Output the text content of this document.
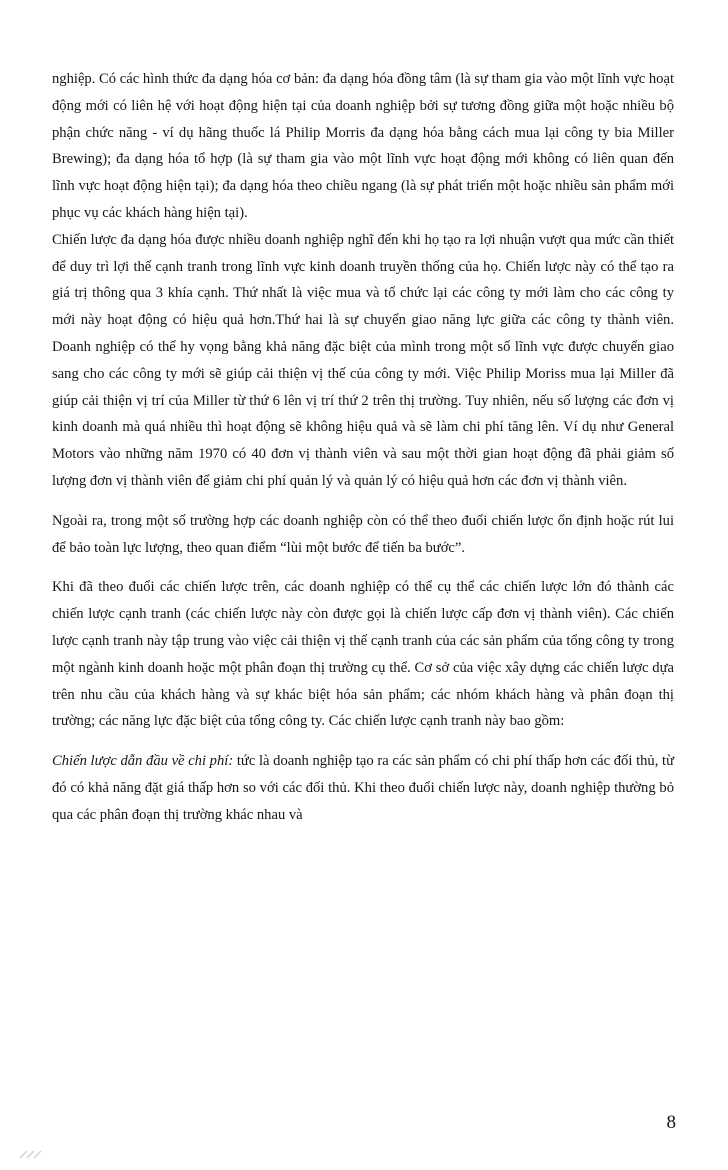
nghiệp. Có các hình thức đa dạng hóa cơ bản: đa dạng hóa đồng tâm (là sự tham gia vào một lĩnh vực hoạt động mới có liên hệ với hoạt động hiện tại của doanh nghiệp bởi sự tương đồng giữa một hoặc nhiều bộ phận chức năng - ví dụ hãng thuốc lá Philip Morris đa dạng hóa bằng cách mua lại công ty bia Miller Brewing); đa dạng hóa tổ hợp (là sự tham gia vào một lĩnh vực hoạt động mới không có liên quan đến lĩnh vực hoạt động hiện tại); đa dạng hóa theo chiều ngang (là sự phát triển một hoặc nhiều sản phẩm mới phục vụ các khách hàng hiện tại).

Chiến lược đa dạng hóa được nhiều doanh nghiệp nghĩ đến khi họ tạo ra lợi nhuận vượt qua mức cần thiết để duy trì lợi thế cạnh tranh trong lĩnh vực kinh doanh truyền thống của họ. Chiến lược này có thể tạo ra giá trị thông qua 3 khía cạnh. Thứ nhất là việc mua và tổ chức lại các công ty mới làm cho các công ty mới này hoạt động có hiệu quả hơn.Thứ hai là sự chuyển giao năng lực giữa các công ty thành viên. Doanh nghiệp có thể hy vọng bằng khả năng đặc biệt của mình trong một số lĩnh vực được chuyển giao sang cho các công ty mới sẽ giúp cải thiện vị thế của công ty mới. Việc Philip Moriss mua lại Miller đã giúp cải thiện vị trí của Miller từ thứ 6 lên vị trí thứ 2 trên thị trường. Tuy nhiên, nếu số lượng các đơn vị kinh doanh mà quá nhiều thì hoạt động sẽ không hiệu quả và sẽ làm chi phí tăng lên. Ví dụ như General Motors vào những năm 1970 có 40 đơn vị thành viên và sau một thời gian hoạt động đã phải giảm số lượng đơn vị thành viên để giảm chi phí quản lý và quản lý có hiệu quả hơn các đơn vị thành viên.

Ngoài ra, trong một số trường hợp các doanh nghiệp còn có thể theo đuổi chiến lược ổn định hoặc rút lui để bảo toàn lực lượng, theo quan điểm “lùi một bước để tiến ba bước”.

Khi đã theo đuổi các chiến lược trên, các doanh nghiệp có thể cụ thể các chiến lược lớn đó thành các chiến lược cạnh tranh (các chiến lược này còn được gọi là chiến lược cấp đơn vị thành viên). Các chiến lược cạnh tranh này tập trung vào việc cải thiện vị thế cạnh tranh của các sản phẩm của tổng công ty trong một ngành kinh doanh hoặc một phân đoạn thị trường cụ thể. Cơ sở của việc xây dựng các chiến lược dựa trên nhu cầu của khách hàng và sự khác biệt hóa sản phẩm; các nhóm khách hàng và phân đoạn thị trường; các năng lực đặc biệt của tổng công ty. Các chiến lược cạnh tranh này bao gồm:

Chiến lược dẫn đầu về chi phí: tức là doanh nghiệp tạo ra các sản phẩm có chi phí thấp hơn các đối thủ, từ đó có khả năng đặt giá thấp hơn so với các đối thủ. Khi theo đuổi chiến lược này, doanh nghiệp thường bỏ qua các phân đoạn thị trường khác nhau và

8
